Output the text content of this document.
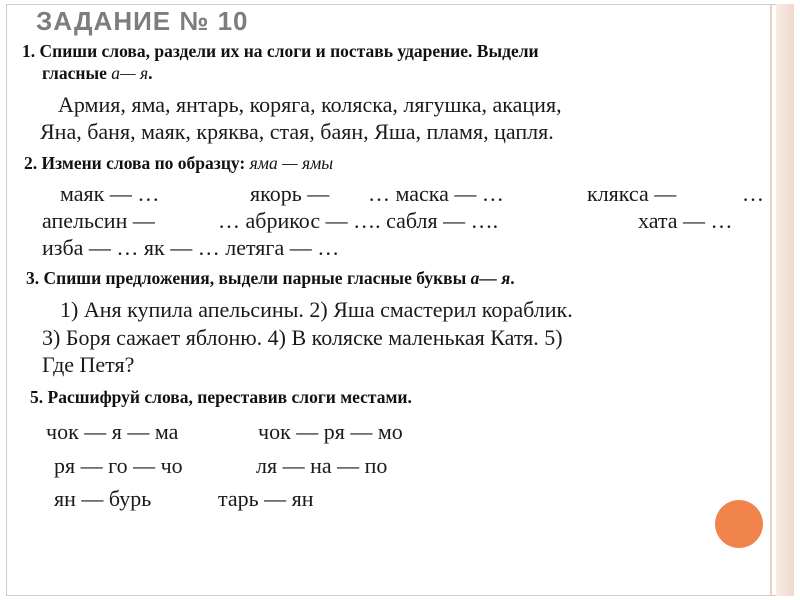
ЗАДАНИЕ № 10
1. Спиши слова, раздели их на слоги и поставь ударение. Выдели
гласные а— я.
Армия, яма, янтарь, коряга, коляска, лягушка, акация,
Яна, баня, маяк, кряква, стая, баян, Яша, пламя, цапля.
2. Измени слова по образцу: яма — ямы
маяк — …	якорь — … маска — …	клякса —	…
апельсин —	… абрикос — …. сабля — ….	хата — …
изба — … як — … летяга — …
3. Спиши предложения, выдели парные гласные буквы а— я.
1) Аня купила апельсины. 2) Яша смастерил кораблик.
3) Боря сажает яблоню. 4) В коляске маленькая Катя. 5)
Где Петя?
5. Расшифруй слова, переставив слоги местами.
чок — я — ма	чок — ря — мо
ря — го — чо	ля — на — по
ян — бурь	тарь — ян
